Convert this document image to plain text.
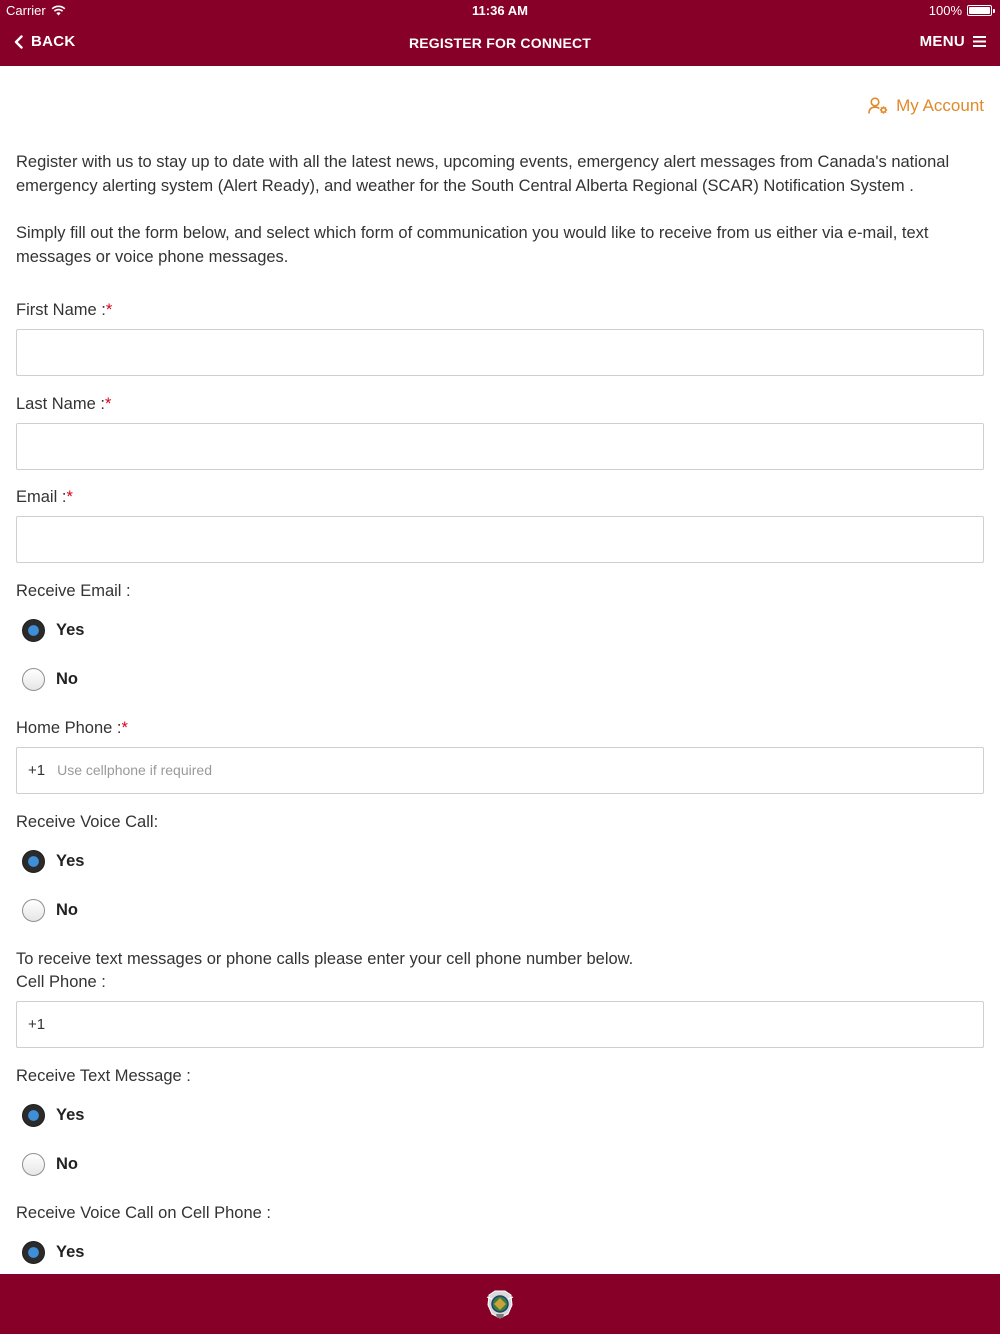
Carrier	11:36 AM	100%
BACK	REGISTER FOR CONNECT	MENU
My Account

Register with us to stay up to date with all the latest news, upcoming events, emergency alert messages from Canada's national emergency alerting system (Alert Ready), and weather for the South Central Alberta Regional (SCAR) Notification System .

Simply fill out the form below, and select which form of communication you would like to receive from us either via e-mail, text messages or voice phone messages.

First Name :*
Last Name :*
Email :*
Receive Email :
Yes
No
Home Phone :*
+1
Use cellphone if required
Receive Voice Call:
Yes
No
To receive text messages or phone calls please enter your cell phone number below.
Cell Phone :
+1
Receive Text Message :
Yes
No
Receive Voice Call on Cell Phone :
Yes
